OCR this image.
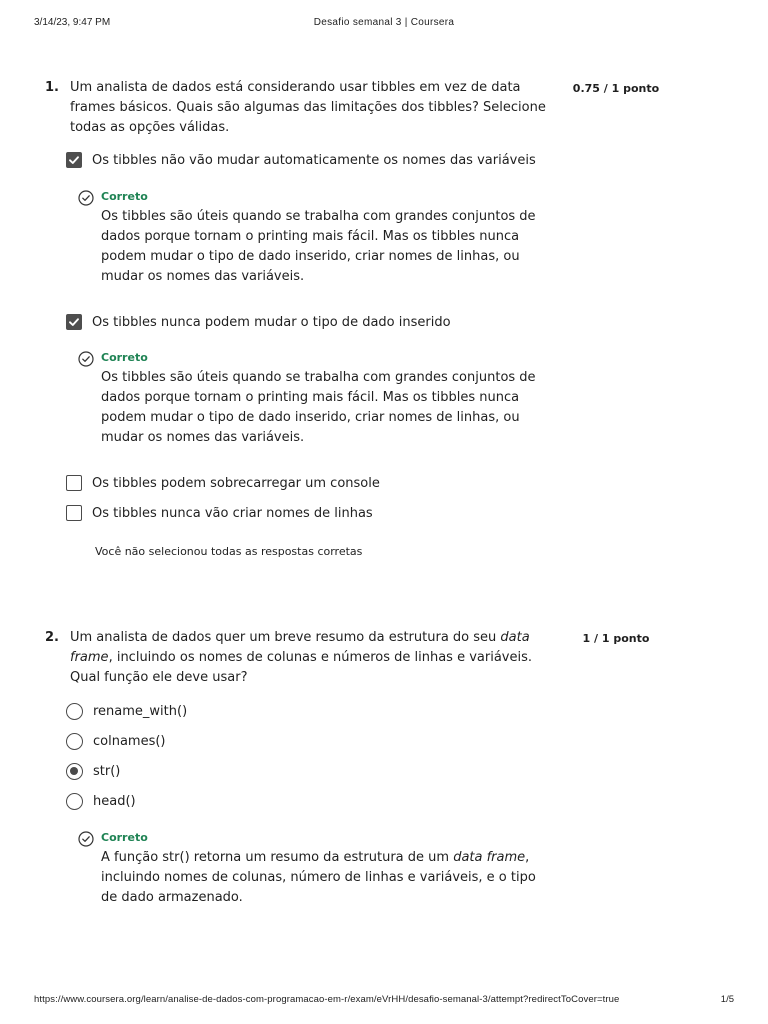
3/14/23, 9:47 PM	Desafio semanal 3 | Coursera
1. Um analista de dados está considerando usar tibbles em vez de data frames básicos. Quais são algumas das limitações dos tibbles? Selecione todas as opções válidas.
0.75 / 1 ponto
Os tibbles não vão mudar automaticamente os nomes das variáveis
Correto
Os tibbles são úteis quando se trabalha com grandes conjuntos de dados porque tornam o printing mais fácil. Mas os tibbles nunca podem mudar o tipo de dado inserido, criar nomes de linhas, ou mudar os nomes das variáveis.
Os tibbles nunca podem mudar o tipo de dado inserido
Correto
Os tibbles são úteis quando se trabalha com grandes conjuntos de dados porque tornam o printing mais fácil. Mas os tibbles nunca podem mudar o tipo de dado inserido, criar nomes de linhas, ou mudar os nomes das variáveis.
Os tibbles podem sobrecarregar um console
Os tibbles nunca vão criar nomes de linhas
Você não selecionou todas as respostas corretas
2. Um analista de dados quer um breve resumo da estrutura do seu data frame, incluindo os nomes de colunas e números de linhas e variáveis. Qual função ele deve usar?
1 / 1 ponto
rename_with()
colnames()
str()
head()
Correto
A função str() retorna um resumo da estrutura de um data frame, incluindo nomes de colunas, número de linhas e variáveis, e o tipo de dado armazenado.
https://www.coursera.org/learn/analise-de-dados-com-programacao-em-r/exam/eVrHH/desafio-semanal-3/attempt?redirectToCover=true	1/5
